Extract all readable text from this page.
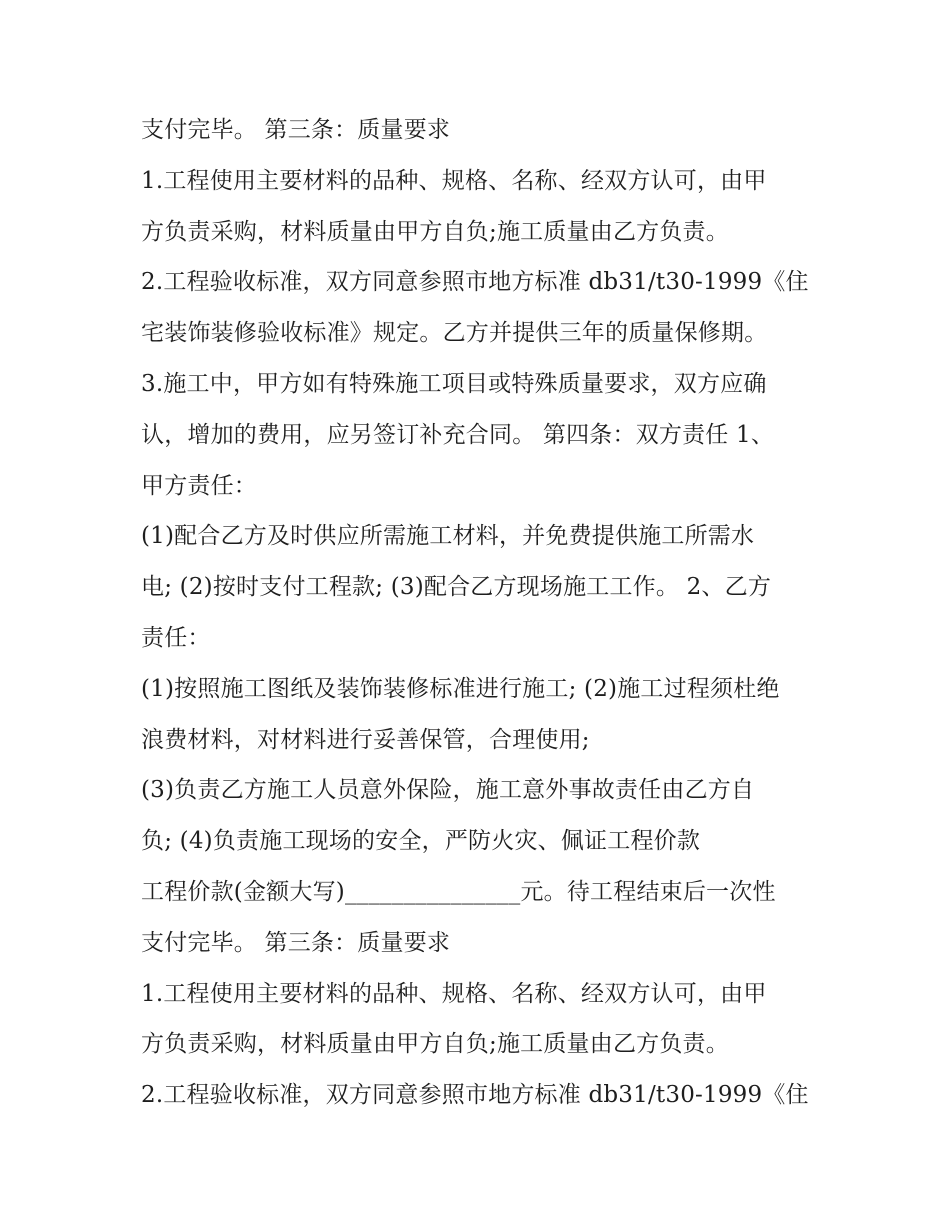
支付完毕。 第三条：质量要求
1.工程使用主要材料的品种、规格、名称、经双方认可，由甲
方负责采购，材料质量由甲方自负;施工质量由乙方负责。
2.工程验收标准，双方同意参照市地方标准 db31/t30-1999《住
宅装饰装修验收标准》规定。乙方并提供三年的质量保修期。
3.施工中，甲方如有特殊施工项目或特殊质量要求，双方应确
认，增加的费用，应另签订补充合同。 第四条：双方责任 1、
甲方责任：
(1)配合乙方及时供应所需施工材料，并免费提供施工所需水
电; (2)按时支付工程款; (3)配合乙方现场施工工作。 2、乙方
责任：
(1)按照施工图纸及装饰装修标准进行施工; (2)施工过程须杜绝
浪费材料，对材料进行妥善保管，合理使用;
(3)负责乙方施工人员意外保险，施工意外事故责任由乙方自
负; (4)负责施工现场的安全，严防火灾、佩证工程价款
工程价款(金额大写)_______________元。待工程结束后一次性
支付完毕。 第三条：质量要求
1.工程使用主要材料的品种、规格、名称、经双方认可，由甲
方负责采购，材料质量由甲方自负;施工质量由乙方负责。
2.工程验收标准，双方同意参照市地方标准 db31/t30-1999《住
